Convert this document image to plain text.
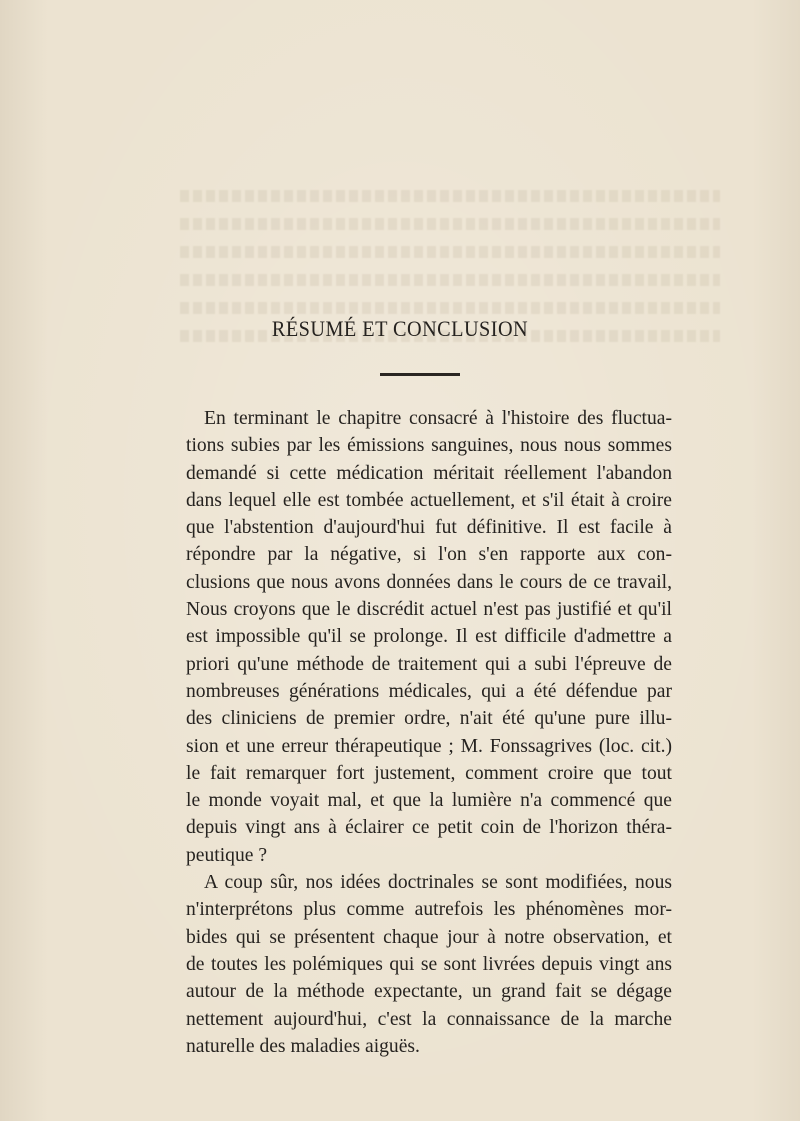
RÉSUMÉ ET CONCLUSION
En terminant le chapitre consacré à l'histoire des fluctua-
tions subies par les émissions sanguines, nous nous sommes
demandé si cette médication méritait réellement l'abandon
dans lequel elle est tombée actuellement, et s'il était à croire
que l'abstention d'aujourd'hui fut définitive. Il est facile à
répondre par la négative, si l'on s'en rapporte aux con-
clusions que nous avons données dans le cours de ce travail,
Nous croyons que le discrédit actuel n'est pas justifié et qu'il
est impossible qu'il se prolonge. Il est difficile d'admettre a
priori qu'une méthode de traitement qui a subi l'épreuve de
nombreuses générations médicales, qui a été défendue par
des cliniciens de premier ordre, n'ait été qu'une pure illu-
sion et une erreur thérapeutique ; M. Fonssagrives (loc. cit.)
le fait remarquer fort justement, comment croire que tout
le monde voyait mal, et que la lumière n'a commencé que
depuis vingt ans à éclairer ce petit coin de l'horizon théra-
peutique ?
A coup sûr, nos idées doctrinales se sont modifiées, nous
n'interprétons plus comme autrefois les phénomènes mor-
bides qui se présentent chaque jour à notre observation, et
de toutes les polémiques qui se sont livrées depuis vingt ans
autour de la méthode expectante, un grand fait se dégage
nettement aujourd'hui, c'est la connaissance de la marche
naturelle des maladies aiguës.
